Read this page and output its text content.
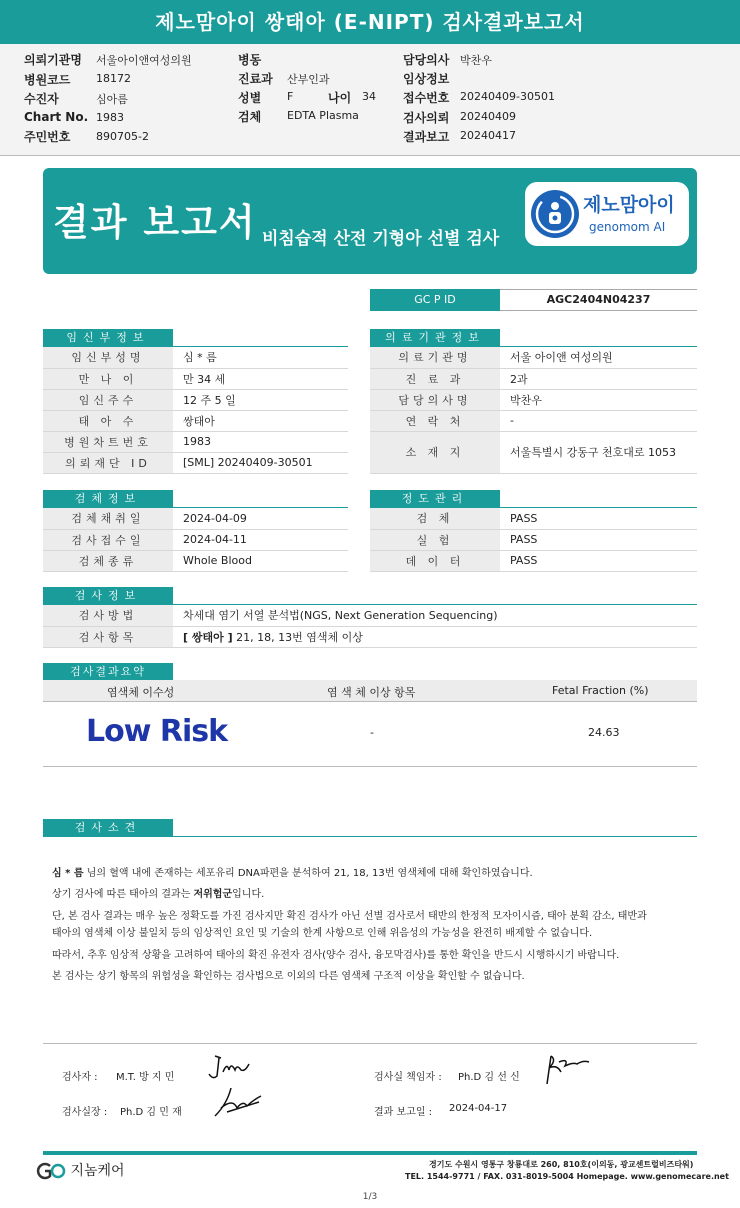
제노맘아이 쌍태아 (E-NIPT) 검사결과보고서
의뢰기관명 서울아이앤여성의원
병원코드 18172
수진자	심아름
Chart No. 1983
주민번호 890705-2
병동
진료과 산부인과
성별 F	나이 34
검체 EDTA Plasma
담당의사 박찬우
임상정보
접수번호 20240409-30501
검사의뢰 20240409
결과보고 20240417
결과 보고서 비침습적 산전 기형아 선별 검사
제노맘아이
genomom AI
GC P ID	AGC2404N04237
임신부정보
임신부성명	심 * 름
만 나 이	만 34 세
임신주수	12 주 5 일
태 아 수	쌍태아
병원차트번호	1983
의뢰재단 ID	[SML] 20240409-30501
의료기관정보
의료기관명	서울 아이앤 여성의원
진 료 과	2과
담당의사명	박찬우
연 락 처	-
소 재 지	서울특별시 강동구 천호대로 1053
검체정보
검체채취일	2024-04-09
검사접수일	2024-04-11
검체종류	Whole Blood
정도관리
검 체	PASS
실 험	PASS
데 이 터	PASS
검사정보
검사방법	차세대 염기 서열 분석법(NGS, Next Generation Sequencing)
검사항목	[ 쌍태아 ] 21, 18, 13번 염색체 이상
검사결과요약
염색체 이수성	염 색 체 이상 항목	Fetal Fraction (%)
Low Risk	-	24.63
검사소견
심 * 름 님의 혈액 내에 존재하는 세포유리 DNA파편을 분석하여 21, 18, 13번 염색체에 대해 확인하였습니다.
상기 검사에 따른 태아의 결과는 저위험군입니다.
단, 본 검사 결과는 매우 높은 정확도를 가진 검사지만 확진 검사가 아닌 선별 검사로서 태반의 한정적 모자이시즘, 태아 분획 감소, 태반과
태아의 염색체 이상 불일치 등의 임상적인 요인 및 기술의 한계 사항으로 인해 위음성의 가능성을 완전히 배제할 수 없습니다.
따라서, 추후 임상적 상황을 고려하여 태아의 확진 유전자 검사(양수 검사, 융모막검사)를 통한 확인을 반드시 시행하시기 바랍니다.
본 검사는 상기 항목의 위험성을 확인하는 검사법으로 이외의 다른 염색체 구조적 이상을 확인할 수 없습니다.
검사자 : M.T. 방 지 민	검사실 책임자 : Ph.D 김 선 신
검사실장 : Ph.D 김 민 재	결과 보고일 : 2024-04-17
지놈케어	경기도 수원시 영통구 창룡대로 260, 810호(이의동, 광교센트럴비즈타워)
TEL. 1544-9771 / FAX. 031-8019-5004 Homepage. www.genomecare.net
1/3
